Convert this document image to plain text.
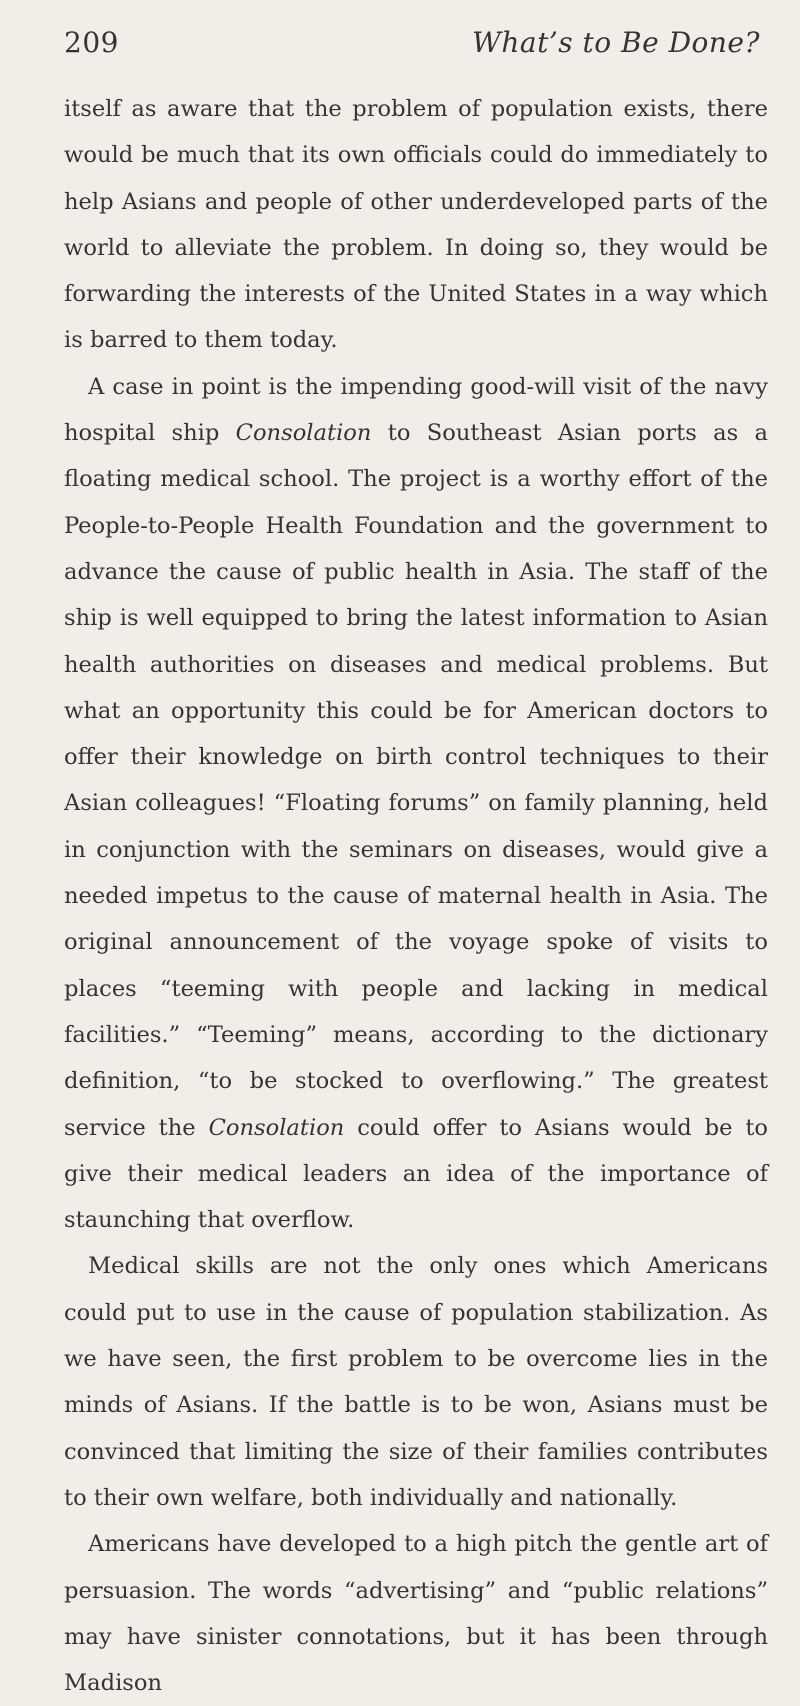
209	What’s to Be Done?

itself as aware that the problem of population exists, there would be much that its own officials could do immediately to help Asians and people of other underdeveloped parts of the world to alleviate the problem. In doing so, they would be forwarding the interests of the United States in a way which is barred to them today.

A case in point is the impending good-will visit of the navy hospital ship Consolation to Southeast Asian ports as a floating medical school. The project is a worthy effort of the People-to-People Health Foundation and the government to advance the cause of public health in Asia. The staff of the ship is well equipped to bring the latest information to Asian health authorities on diseases and medical problems. But what an opportunity this could be for American doctors to offer their knowledge on birth control techniques to their Asian colleagues! “Floating forums” on family planning, held in conjunction with the seminars on diseases, would give a needed impetus to the cause of maternal health in Asia. The original announcement of the voyage spoke of visits to places “teeming with people and lacking in medical facilities.” “Teeming” means, according to the dictionary definition, “to be stocked to overflowing.” The greatest service the Consolation could offer to Asians would be to give their medical leaders an idea of the importance of staunching that overflow.

Medical skills are not the only ones which Americans could put to use in the cause of population stabilization. As we have seen, the first problem to be overcome lies in the minds of Asians. If the battle is to be won, Asians must be convinced that limiting the size of their families contributes to their own welfare, both individually and nationally.

Americans have developed to a high pitch the gentle art of persuasion. The words “advertising” and “public relations” may have sinister connotations, but it has been through Madison
